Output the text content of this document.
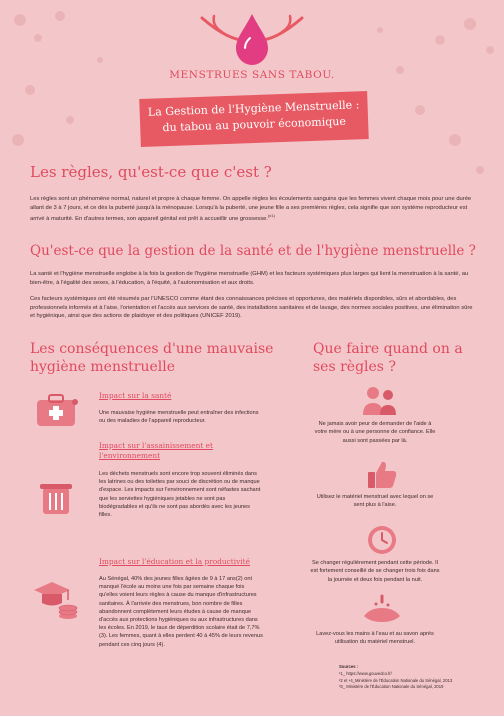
MENSTRUES SANS TABOU.
La Gestion de l'Hygiène Menstruelle :
du tabou au pouvoir économique
Les règles, qu'est-ce que c'est ?

Les règles sont un phénomène normal, naturel et propre à chaque femme. On appelle règles les écoulements sanguins que les femmes vivent chaque mois pour une durée allant de 3 à 7 jours, et ce dès la puberté jusqu'à la ménopause. Lorsqu'à la puberté, une jeune fille a ses premières règles, cela signifie que son système reproducteur est arrivé à maturité. En d'autres termes, son appareil génital est prêt à accueillir une grossesse.$^{(x1)}$

Qu'est-ce que la gestion de la santé et de l'hygiène menstruelle ?

La santé et l'hygiène menstruelle englobe à la fois la gestion de l'hygiène menstruelle (GHM) et les facteurs systémiques plus larges qui lient la menstruation à la santé, au bien-être, à l'égalité des sexes, à l'éducation, à l'équité, à l'autonomisation et aux droits.

Ces facteurs systémiques ont été résumés par l'UNESCO comme étant des connaissances précises et opportunes, des matériels disponibles, sûrs et abordables, des professionnels informés et à l'aise, l'orientation et l'accès aux services de santé, des installations sanitaires et de lavage, des normes sociales positives, une élimination sûre et hygiénique, ainsi que des actions de plaidoyer et des politiques (UNICEF 2019).

Les conséquences d'une mauvaise
hygiène menstruelle

Impact sur la santé

Une mauvaise hygiène menstruelle peut entraîner des infections ou des maladies de l'appareil reproducteur.

Impact sur l'assainissement et
l'environnement

Les déchets menstruels sont encore trop souvent éliminés dans les latrines ou des toilettes par souci de discrétion ou de manque d'espace. Les impacts sur l'environnement sont néfastes sachant que les serviettes hygiéniques jetables ne sont pas biodégradables et qu'ils ne sont pas abordés avec les jeunes filles.

Impact sur l'éducation et la productivité

Au Sénégal, 40% des jeunes filles âgées de 9 à 17 ans(2) ont manqué l'école au moins une fois par semaine chaque fois qu'elles voient leurs règles à cause du manque d'infrastructures sanitaires. À l'arrivée des menstrues, bon nombre de filles abandonnent complètement leurs études à cause de manque d'accès aux protections hygiéniques ou aux infrastructures dans les écoles. En 2019, le taux de déperdition scolaire était de 7,7% (3). Les femmes, quant à elles perdent 40 à 45% de leurs revenus pendant ces cinq jours (4).

Que faire quand on a
ses règles ?

Ne jamais avoir peur de demander de l'aide à votre mère ou à une personne de confiance. Elle aussi sont passées par là.

Utilisez le matériel menstruel avec lequel on se sent plus à l'aise.

Se changer régulièrement pendant cette période. Il est fortement conseillé de se changer trois fois dans la journée et deux fois pendant la nuit.

Lavez-vous les mains à l'eau et au savon après utilisation du matériel menstruel.

Sources :
¹1_ https://www.gouvedco.fr/
²2 et ⁴4_Ministère de l'Éducation Nationale du Sénégal, 2013
³3_ Ministère de l'Éducation Nationale du Sénégal, 2019
